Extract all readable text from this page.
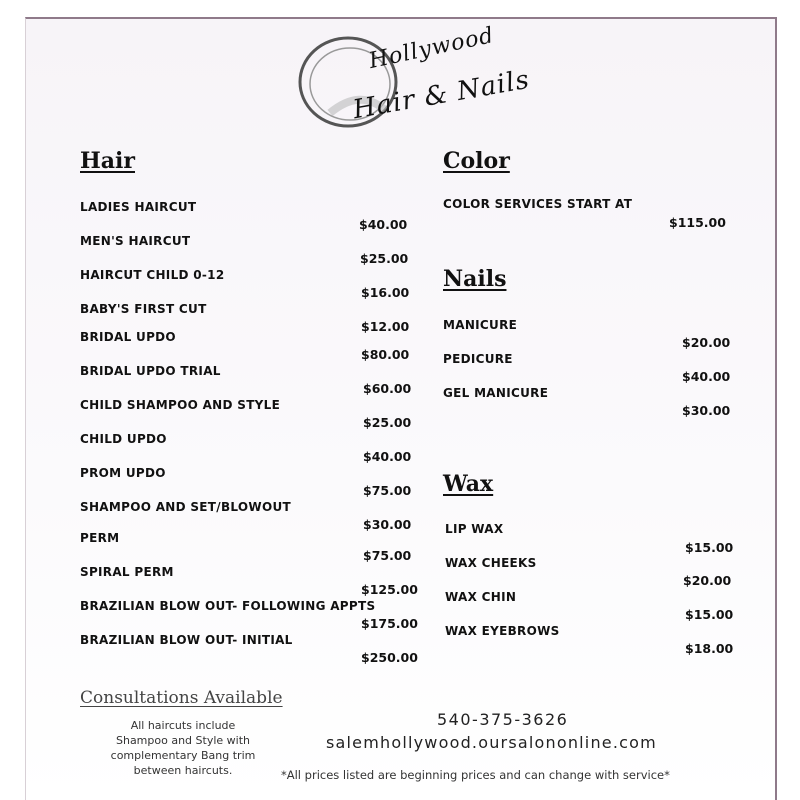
Hollywood
Hair & Nails
Hair
LADIES HAIRCUT
$40.00
MEN'S HAIRCUT
$25.00
HAIRCUT CHILD 0-12
$16.00
BABY'S FIRST CUT
$12.00
BRIDAL UPDO
$80.00
BRIDAL UPDO TRIAL
$60.00
CHILD SHAMPOO AND STYLE
$25.00
CHILD UPDO
$40.00
PROM UPDO
$75.00
SHAMPOO AND SET/BLOWOUT
$30.00
PERM
$75.00
SPIRAL PERM
$125.00
BRAZILIAN BLOW OUT- FOLLOWING APPTS
$175.00
BRAZILIAN BLOW OUT- INITIAL
$250.00
Color
COLOR SERVICES START AT
$115.00
Nails
MANICURE
$20.00
PEDICURE
$40.00
GEL MANICURE
$30.00
Wax
LIP WAX
$15.00
WAX CHEEKS
$20.00
WAX CHIN
$15.00
WAX EYEBROWS
$18.00
Consultations Available
All haircuts include
Shampoo and Style with
complementary Bang trim
between haircuts.
540-375-3626
salemhollywood.oursalononline.com
*All prices listed are beginning prices and can change with service*
